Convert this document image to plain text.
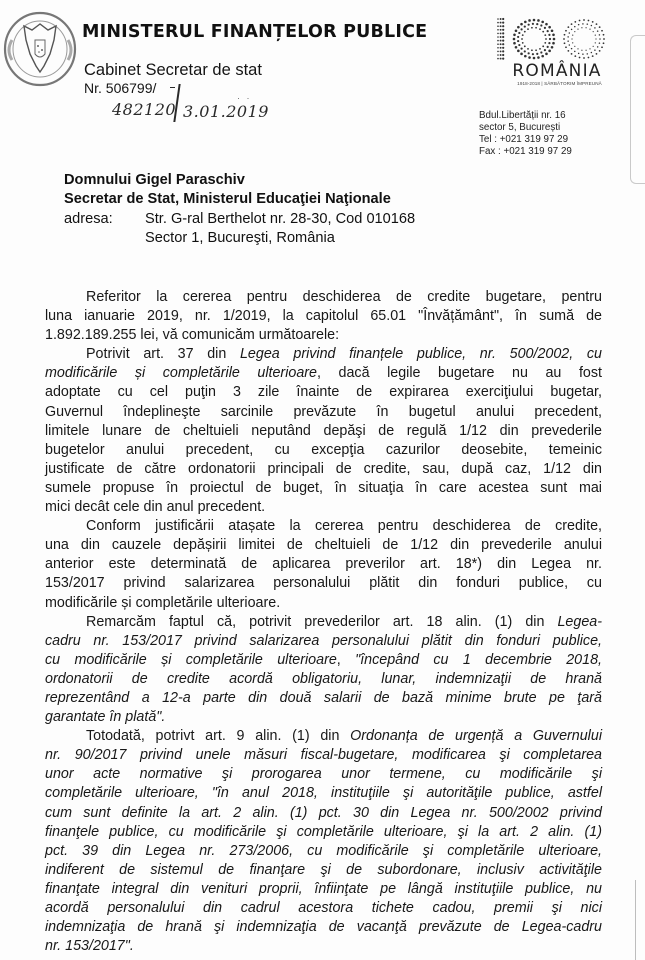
MINISTERUL FINANȚELOR PUBLICE
Cabinet Secretar de stat
Nr. 506799/
482120 3.01.2019
· ·
ROMÂNIA
1918-2018 | SĂRBĂTORIM ÎMPREUNĂ
Bdul.Libertății nr. 16
sector 5, București
Tel : +021 319 97 29
Fax : +021 319 97 29
Domnului Gigel Paraschiv
Secretar de Stat, Ministerul Educaţiei Naţionale
adresa: Str. G-ral Berthelot nr. 28-30, Cod 010168
Sector 1, Bucureşti, România

Referitor la cererea pentru deschiderea de credite bugetare, pentru
luna ianuarie 2019, nr. 1/2019, la capitolul 65.01 "Învățământ", în sumă de
1.892.189.255 lei, vă comunicăm următoarele:

Potrivit art. 37 din Legea privind finanțele publice, nr. 500/2002, cu
modificările și completările ulterioare, dacă legile bugetare nu au fost
adoptate cu cel puţin 3 zile înainte de expirarea exerciţiului bugetar,
Guvernul îndeplineşte sarcinile prevăzute în bugetul anului precedent,
limitele lunare de cheltuieli neputând depăşi de regulă 1/12 din prevederile
bugetelor anului precedent, cu excepţia cazurilor deosebite, temeinic
justificate de către ordonatorii principali de credite, sau, după caz, 1/12 din
sumele propuse în proiectul de buget, în situaţia în care acestea sunt mai
mici decât cele din anul precedent.

Conform justificării atașate la cererea pentru deschiderea de credite,
una din cauzele depășirii limitei de cheltuieli de 1/12 din prevederile anului
anterior este determinată de aplicarea preverilor art. 18*) din Legea nr.
153/2017 privind salarizarea personalului plătit din fonduri publice, cu
modificările și completările ulterioare.

Remarcăm faptul că, potrivit prevederilor art. 18 alin. (1) din Legea-
cadru nr. 153/2017 privind salarizarea personalului plătit din fonduri publice,
cu modificările și completările ulterioare, "începând cu 1 decembrie 2018,
ordonatorii de credite acordă obligatoriu, lunar, indemnizaţii de hrană
reprezentând a 12-a parte din două salarii de bază minime brute pe ţară
garantate în plată".

Totodată, potrivt art. 9 alin. (1) din Ordonanța de urgență a Guvernului
nr. 90/2017 privind unele măsuri fiscal-bugetare, modificarea şi completarea
unor acte normative şi prorogarea unor termene, cu modificările şi
completările ulterioare, "în anul 2018, instituţiile şi autorităţile publice, astfel
cum sunt definite la art. 2 alin. (1) pct. 30 din Legea nr. 500/2002 privind
finanţele publice, cu modificările şi completările ulterioare, şi la art. 2 alin. (1)
pct. 39 din Legea nr. 273/2006, cu modificările şi completările ulterioare,
indiferent de sistemul de finanţare şi de subordonare, inclusiv activităţile
finanţate integral din venituri proprii, înfiinţate pe lângă instituţiile publice, nu
acordă personalului din cadrul acestora tichete cadou, premii şi nici
indemnizaţia de hrană şi indemnizaţia de vacanţă prevăzute de Legea-cadru
nr. 153/2017".
